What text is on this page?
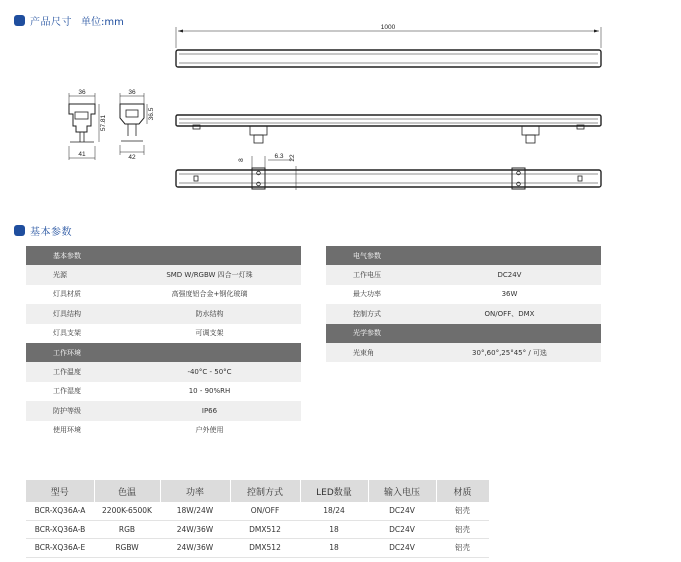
产品尺寸 单位:mm	1000
36
57.81
41
36
36.5
42	8	6.3 22
基本参数
基本参数	
光源	SMD W/RGBW 四合一灯珠
灯具材质	高强度铝合金+钢化玻璃
灯具结构	防水结构
灯具支架	可调支架
工作环境	
工作温度	-40°C - 50°C
工作湿度	10 - 90%RH
防护等级	IP66
使用环境	户外使用
电气参数	
工作电压	DC24V
最大功率	36W
控制方式	ON/OFF、DMX
光学参数	
光束角	30°,60°,25°45° / 可选
型号	色温	功率	控制方式	LED数量	输入电压	材质
BCR-XQ36A-A	2200K-6500K	18W/24W	ON/OFF	18/24	DC24V	铝壳
BCR-XQ36A-B	RGB	24W/36W	DMX512	18	DC24V	铝壳
BCR-XQ36A-E	RGBW	24W/36W	DMX512	18	DC24V	铝壳
